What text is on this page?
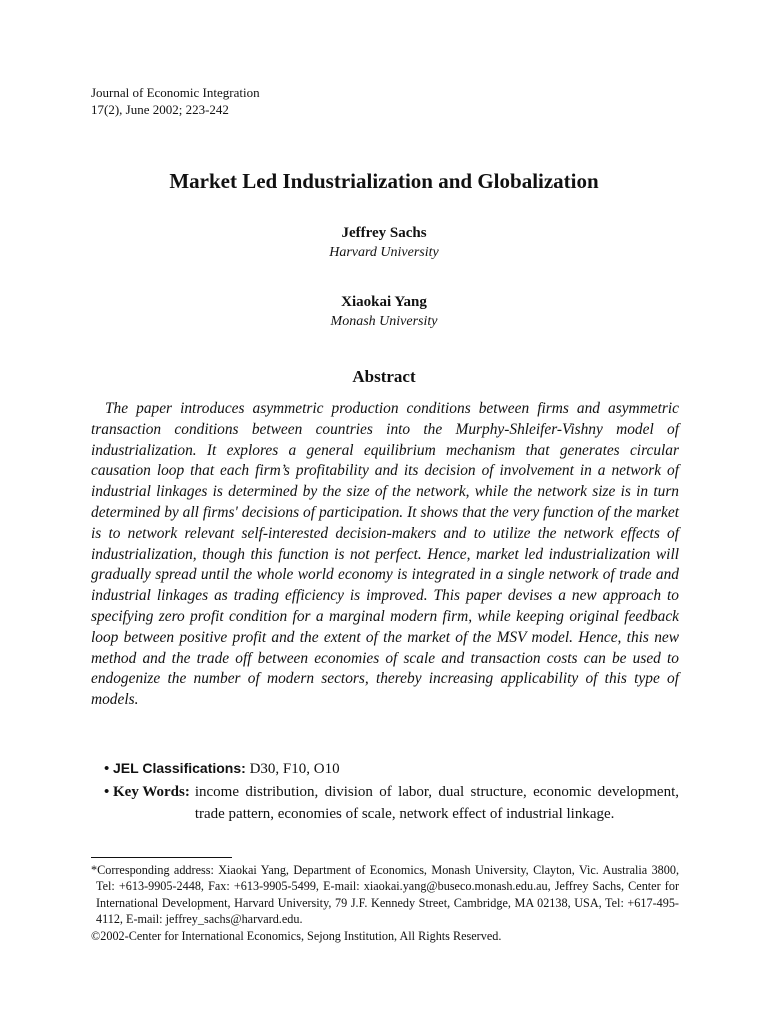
Journal of Economic Integration
17(2), June 2002; 223-242
Market Led Industrialization and Globalization
Jeffrey Sachs
Harvard University
Xiaokai Yang
Monash University
Abstract
The paper introduces asymmetric production conditions between firms and asymmetric transaction conditions between countries into the Murphy-Shleifer-Vishny model of industrialization. It explores a general equilibrium mechanism that generates circular causation loop that each firm’s profitability and its decision of involvement in a network of industrial linkages is determined by the size of the network, while the network size is in turn determined by all firms' decisions of participation. It shows that the very function of the market is to network relevant self-interested decision-makers and to utilize the network effects of industrialization, though this function is not perfect. Hence, market led industrialization will gradually spread until the whole world economy is integrated in a single network of trade and industrial linkages as trading efficiency is improved. This paper devises a new approach to specifying zero profit condition for a marginal modern firm, while keeping original feedback loop between positive profit and the extent of the market of the MSV model. Hence, this new method and the trade off between economies of scale and transaction costs can be used to endogenize the number of modern sectors, thereby increasing applicability of this type of models.
• JEL Classifications: D30, F10, O10
• Key Words: income distribution, division of labor, dual structure, economic development, trade pattern, economies of scale, network effect of industrial linkage.
*Corresponding address: Xiaokai Yang, Department of Economics, Monash University, Clayton, Vic. Australia 3800, Tel: +613-9905-2448, Fax: +613-9905-5499, E-mail: xiaokai.yang@buseco.monash.edu.au, Jeffrey Sachs, Center for International Development, Harvard University, 79 J.F. Kennedy Street, Cambridge, MA 02138, USA, Tel: +617-495-4112, E-mail: jeffrey_sachs@harvard.edu.
©2002-Center for International Economics, Sejong Institution, All Rights Reserved.
